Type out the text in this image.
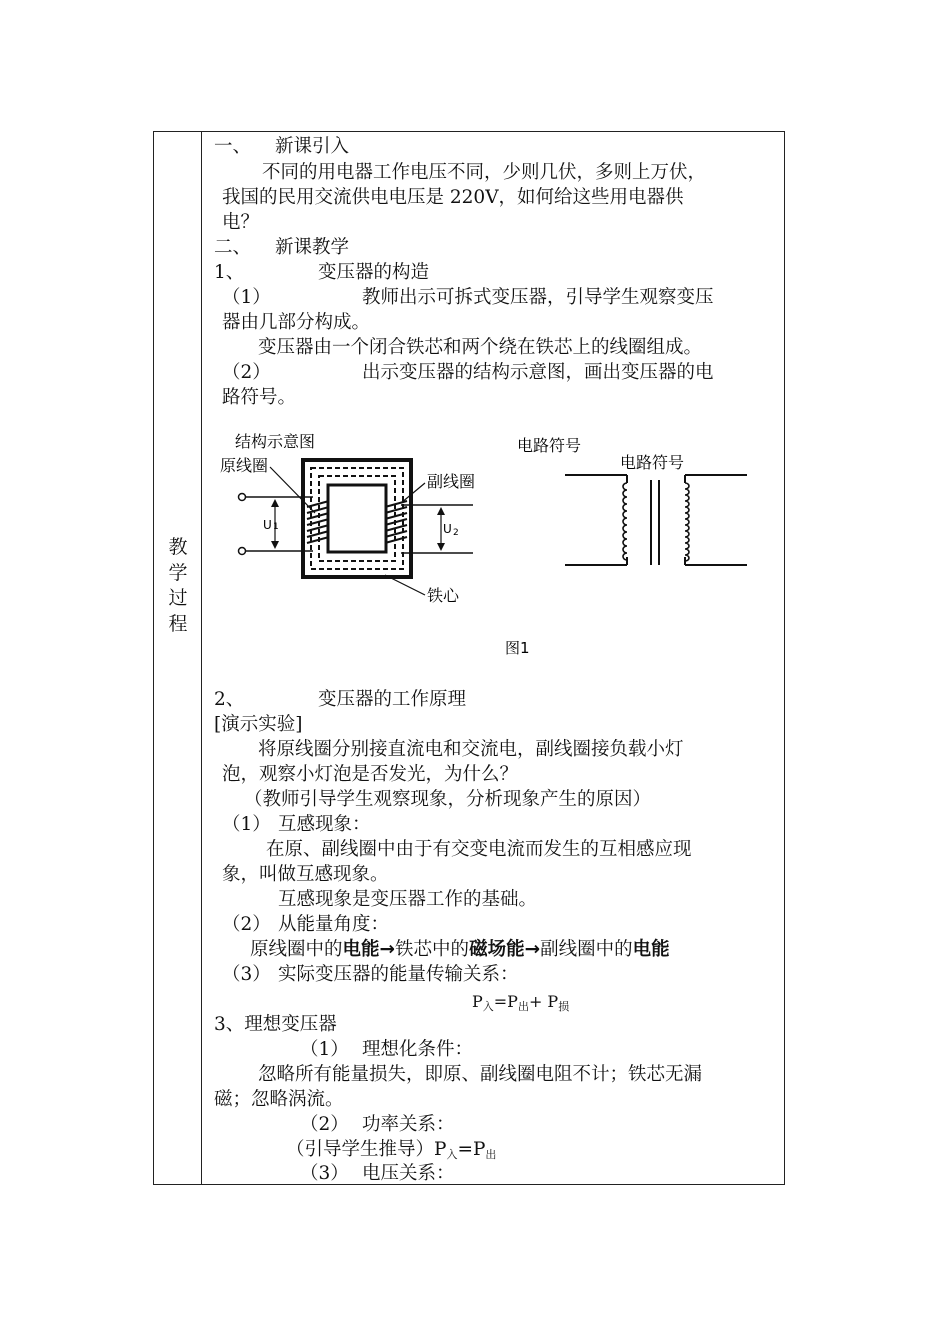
教
学
过
程
一、 新课引入
不同的用电器工作电压不同，少则几伏，多则上万伏，
我国的民用交流供电电压是 220V，如何给这些用电器供
电？
二、 新课教学
1、	变压器的构造
（1）	教师出示可拆式变压器，引导学生观察变压
器由几部分构成。
变压器由一个闭合铁芯和两个绕在铁芯上的线圈组成。
（2）	出示变压器的结构示意图，画出变压器的电
路符号。
结构示意图
原线圈
副线圈
铁心
U 1	U 2
电路符号
电路符号
图1
2、	变压器的工作原理
[演示实验]
将原线圈分别接直流电和交流电，副线圈接负载小灯
泡，观察小灯泡是否发光，为什么？
（教师引导学生观察现象，分析现象产生的原因）
（1） 互感现象：
在原、副线圈中由于有交变电流而发生的互相感应现
象，叫做互感现象。
互感现象是变压器工作的基础。
（2） 从能量角度：
原线圈中的电能→铁芯中的磁场能→副线圈中的电能
（3） 实际变压器的能量传输关系：
P入=P出+ P损
3、理想变压器
（1） 理想化条件：
忽略所有能量损失，即原、副线圈电阻不计；铁芯无漏
磁；忽略涡流。
（2） 功率关系：
（引导学生推导）P入=P出
（3） 电压关系：
